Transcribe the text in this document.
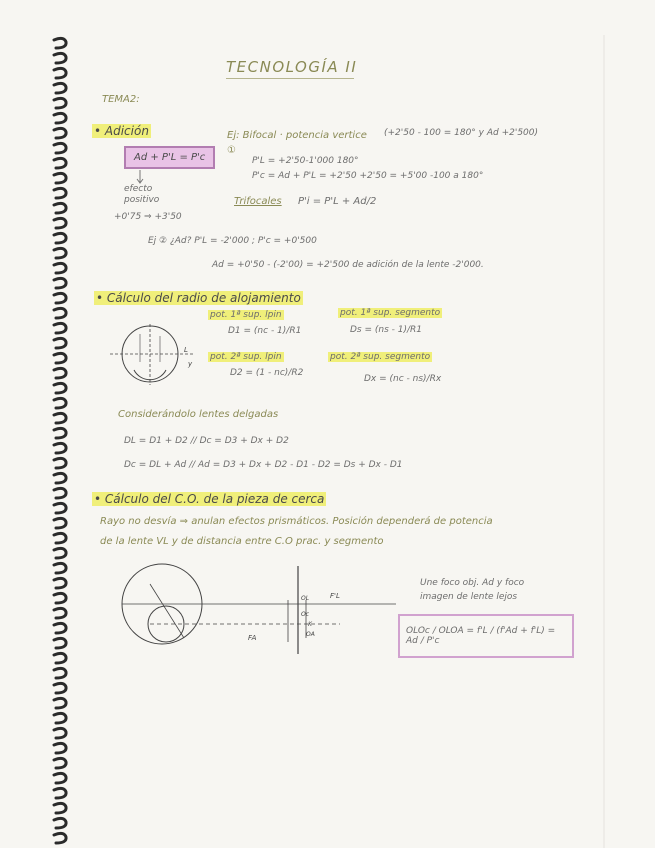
TECNOLOGÍA II
TEMA2:
• Adición
Ad + P'L = P'c
efecto
positivo
+0'75 ⇒ +3'50
Ej: Bifocal · potencia vertice
①
(+2'50 - 100 = 180° y Ad +2'500)
P'L = +2'50-1'000 180°
P'c = Ad + P'L = +2'50 +2'50 = +5'00 -100 a 180°
Trifocales P'i = P'L + Ad/2
Ej ② ¿Ad? P'L = -2'000 ; P'c = +0'500
Ad = +0'50 - (-2'00) = +2'500 de adición de la lente -2'000.
• Cálculo del radio de alojamiento
L
y
pot. 1ª sup. lpin
D1 = (nc - 1)/R1
pot. 2ª sup. lpin
D2 = (1 - nc)/R2
pot. 1ª sup. segmento
Ds = (ns - 1)/R1
pot. 2ª sup. segmento
Dx = (nc - ns)/Rx
Considerándolo lentes delgadas
DL = D1 + D2 // Dc = D3 + Dx + D2
Dc = DL + Ad // Ad = D3 + Dx + D2 - D1 - D2 = Ds + Dx - D1
• Cálculo del C.O. de la pieza de cerca
Rayo no desvía ⇒ anulan efectos prismáticos. Posición dependerá de potencia
de la lente VL y de distancia entre C.O prac. y segmento
FA
F'L
OL
Oc
OA
K
Une foco obj. Ad y foco
imagen de lente lejos
OLOc / OLOA = f'L / (f'Ad + f'L) = Ad / P'c
